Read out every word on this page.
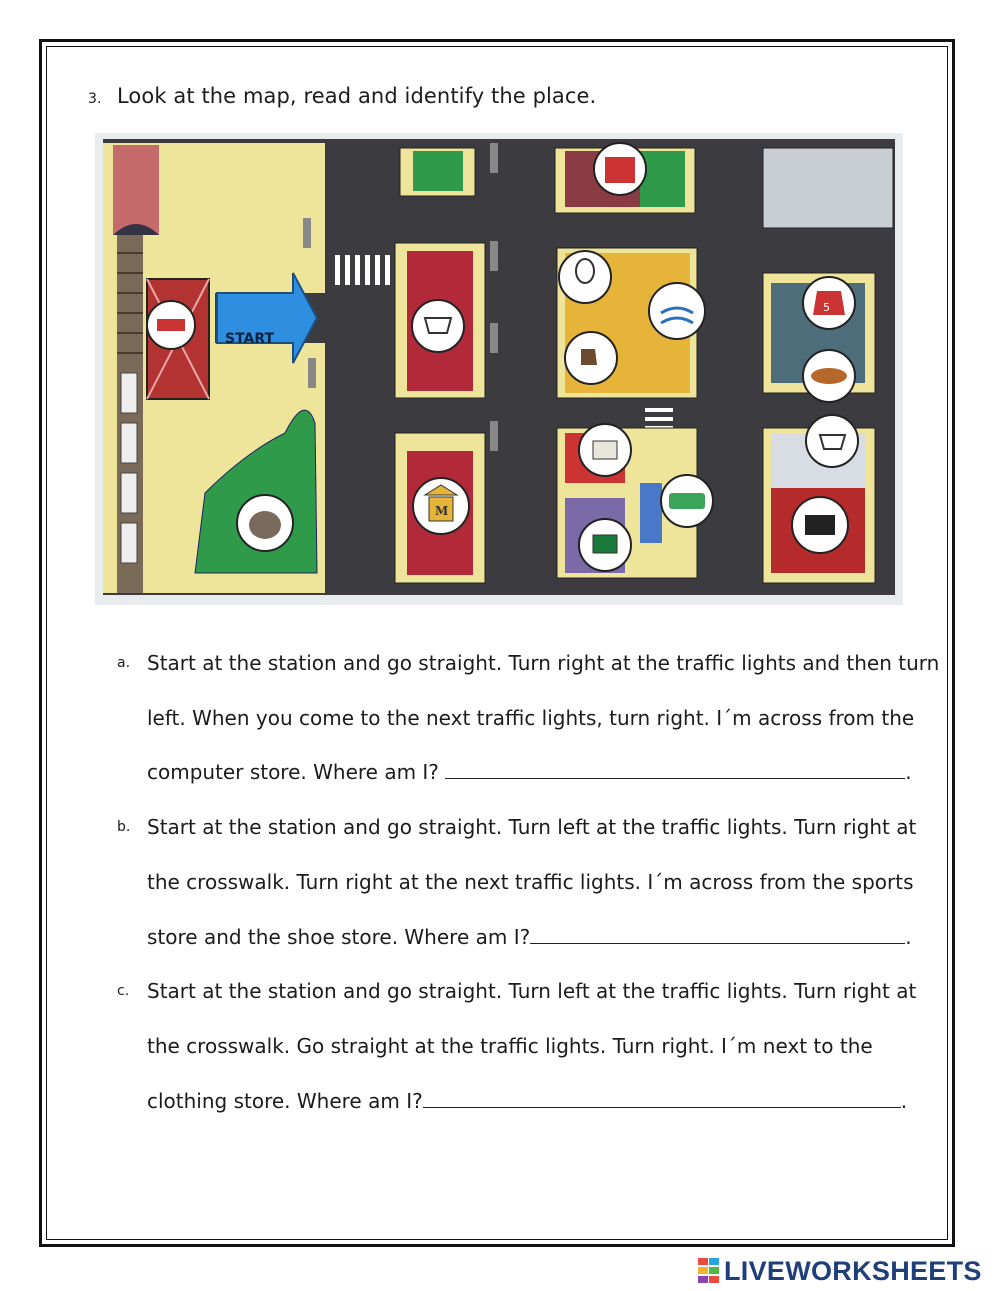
3. Look at the map, read and identify the place.
START
5
M
a. Start at the station and go straight. Turn right at the traffic lights and then turn
left. When you come to the next traffic lights, turn right. I´m across from the
computer store. Where am I?	.
b. Start at the station and go straight. Turn left at the traffic lights. Turn right at
the crosswalk. Turn right at the next traffic lights. I´m across from the sports
store and the shoe store. Where am I?	.
c. Start at the station and go straight. Turn left at the traffic lights. Turn right at
the crosswalk. Go straight at the traffic lights. Turn right. I´m next to the
clothing store. Where am I?	.
LIVEWORKSHEETS
